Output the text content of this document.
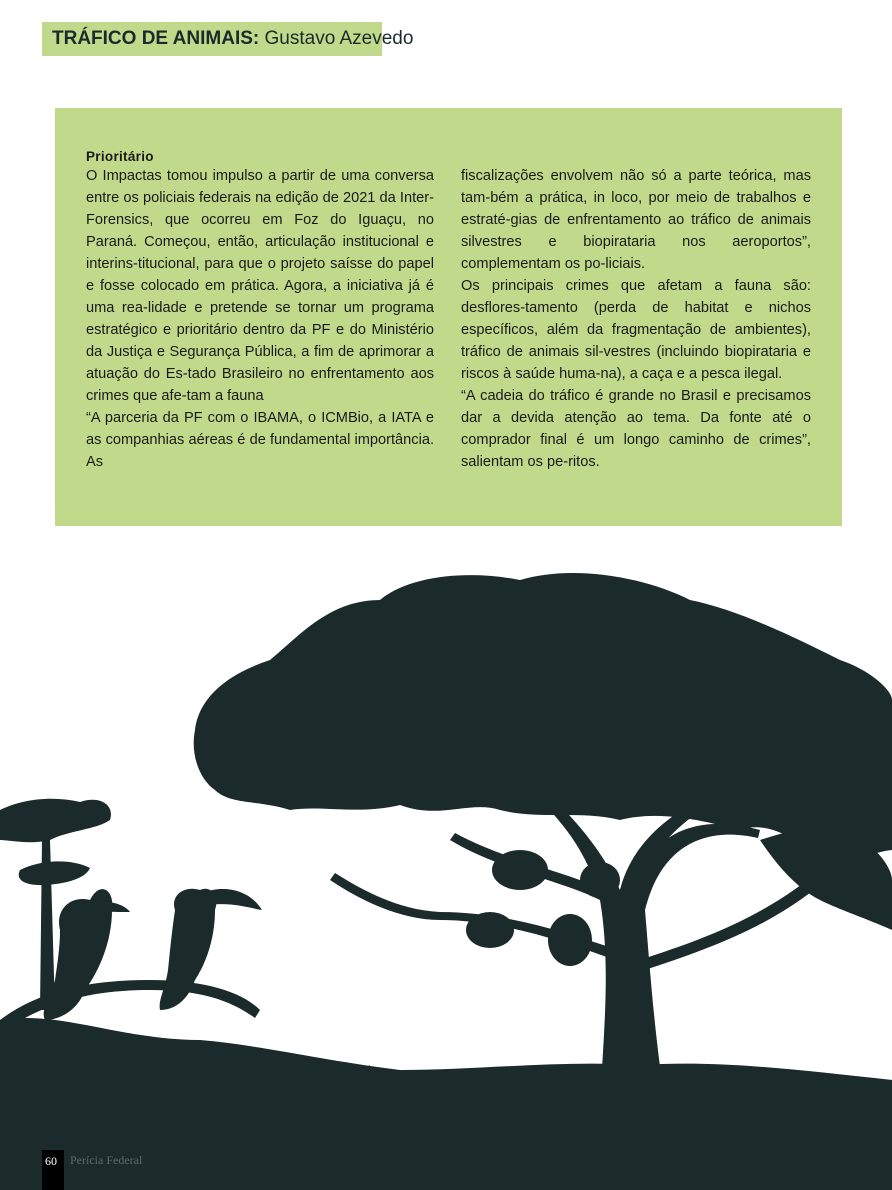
TRÁFICO DE ANIMAIS: Gustavo Azevedo

Prioritário

O Impactas tomou impulso a partir de uma conversa entre os policiais federais na edição de 2021 da Inter-Forensics, que ocorreu em Foz do Iguaçu, no Paraná. Começou, então, articulação institucional e interins-titucional, para que o projeto saísse do papel e fosse colocado em prática. Agora, a iniciativa já é uma rea-lidade e pretende se tornar um programa estratégico e prioritário dentro da PF e do Ministério da Justiça e Segurança Pública, a fim de aprimorar a atuação do Es-tado Brasileiro no enfrentamento aos crimes que afe-tam a fauna

“A parceria da PF com o IBAMA, o ICMBio, a IATA e as companhias aéreas é de fundamental importância. As

fiscalizações envolvem não só a parte teórica, mas tam-bém a prática, in loco, por meio de trabalhos e estraté-gias de enfrentamento ao tráfico de animais silvestres e biopirataria nos aeroportos”, complementam os po-liciais.

Os principais crimes que afetam a fauna são: desflores-tamento (perda de habitat e nichos específicos, além da fragmentação de ambientes), tráfico de animais sil-vestres (incluindo biopirataria e riscos à saúde huma-na), a caça e a pesca ilegal.

“A cadeia do tráfico é grande no Brasil e precisamos dar a devida atenção ao tema. Da fonte até o comprador final é um longo caminho de crimes”, salientam os pe-ritos.

60	Perícia Federal
